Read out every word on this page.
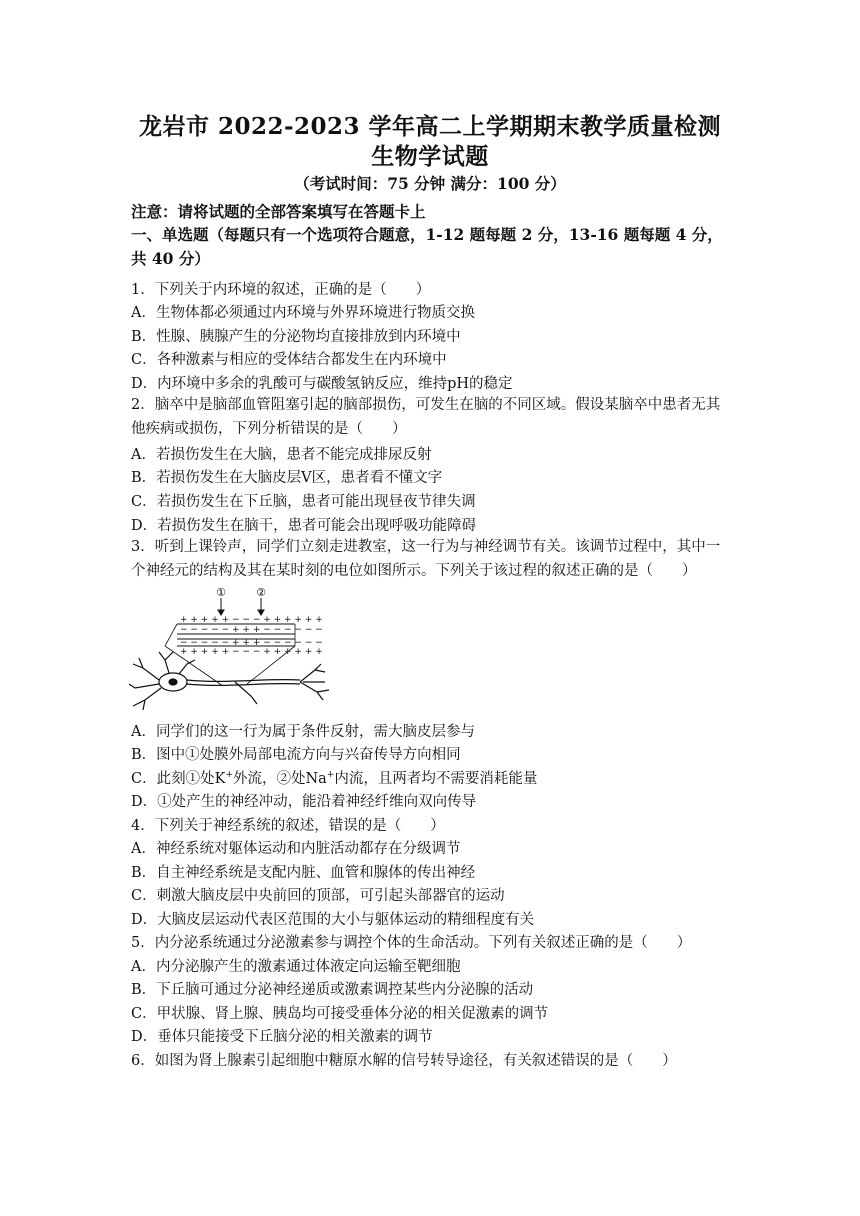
龙岩市 2022-2023 学年高二上学期期末教学质量检测
生物学试题
（考试时间：75 分钟 满分：100 分）
注意：请将试题的全部答案填写在答题卡上
一、单选题（每题只有一个选项符合题意，1-12 题每题 2 分，13-16 题每题 4 分，共 40 分）
1．下列关于内环境的叙述，正确的是（　　）
A．生物体都必须通过内环境与外界环境进行物质交换
B．性腺、胰腺产生的分泌物均直接排放到内环境中
C．各种激素与相应的受体结合都发生在内环境中
D．内环境中多余的乳酸可与碳酸氢钠反应，维持pH的稳定
2．脑卒中是脑部血管阻塞引起的脑部损伤，可发生在脑的不同区域。假设某脑卒中患者无其他疾病或损伤，下列分析错误的是（　　）
A．若损伤发生在大脑，患者不能完成排尿反射
B．若损伤发生在大脑皮层V区，患者看不懂文字
C．若损伤发生在下丘脑，患者可能出现昼夜节律失调
D．若损伤发生在脑干，患者可能会出现呼吸功能障碍
3．听到上课铃声，同学们立刻走进教室，这一行为与神经调节有关。该调节过程中，其中一个神经元的结构及其在某时刻的电位如图所示。下列关于该过程的叙述正确的是（　　）
①	②
+ + + + + − − − + + + + + +
− − − − − + + + − − − − − −
− − − − − + + + − − − − − −
+ + + + + − − − + + + + + +
A．同学们的这一行为属于条件反射，需大脑皮层参与
B．图中①处膜外局部电流方向与兴奋传导方向相同
C．此刻①处K+外流，②处Na+内流，且两者均不需要消耗能量
D．①处产生的神经冲动，能沿着神经纤维向双向传导
4．下列关于神经系统的叙述，错误的是（　　）
A．神经系统对躯体运动和内脏活动都存在分级调节
B．自主神经系统是支配内脏、血管和腺体的传出神经
C．刺激大脑皮层中央前回的顶部，可引起头部器官的运动
D．大脑皮层运动代表区范围的大小与躯体运动的精细程度有关
5．内分泌系统通过分泌激素参与调控个体的生命活动。下列有关叙述正确的是（　　）
A．内分泌腺产生的激素通过体液定向运输至靶细胞
B．下丘脑可通过分泌神经递质或激素调控某些内分泌腺的活动
C．甲状腺、肾上腺、胰岛均可接受垂体分泌的相关促激素的调节
D．垂体只能接受下丘脑分泌的相关激素的调节
6．如图为肾上腺素引起细胞中糖原水解的信号转导途径，有关叙述错误的是（　　）
